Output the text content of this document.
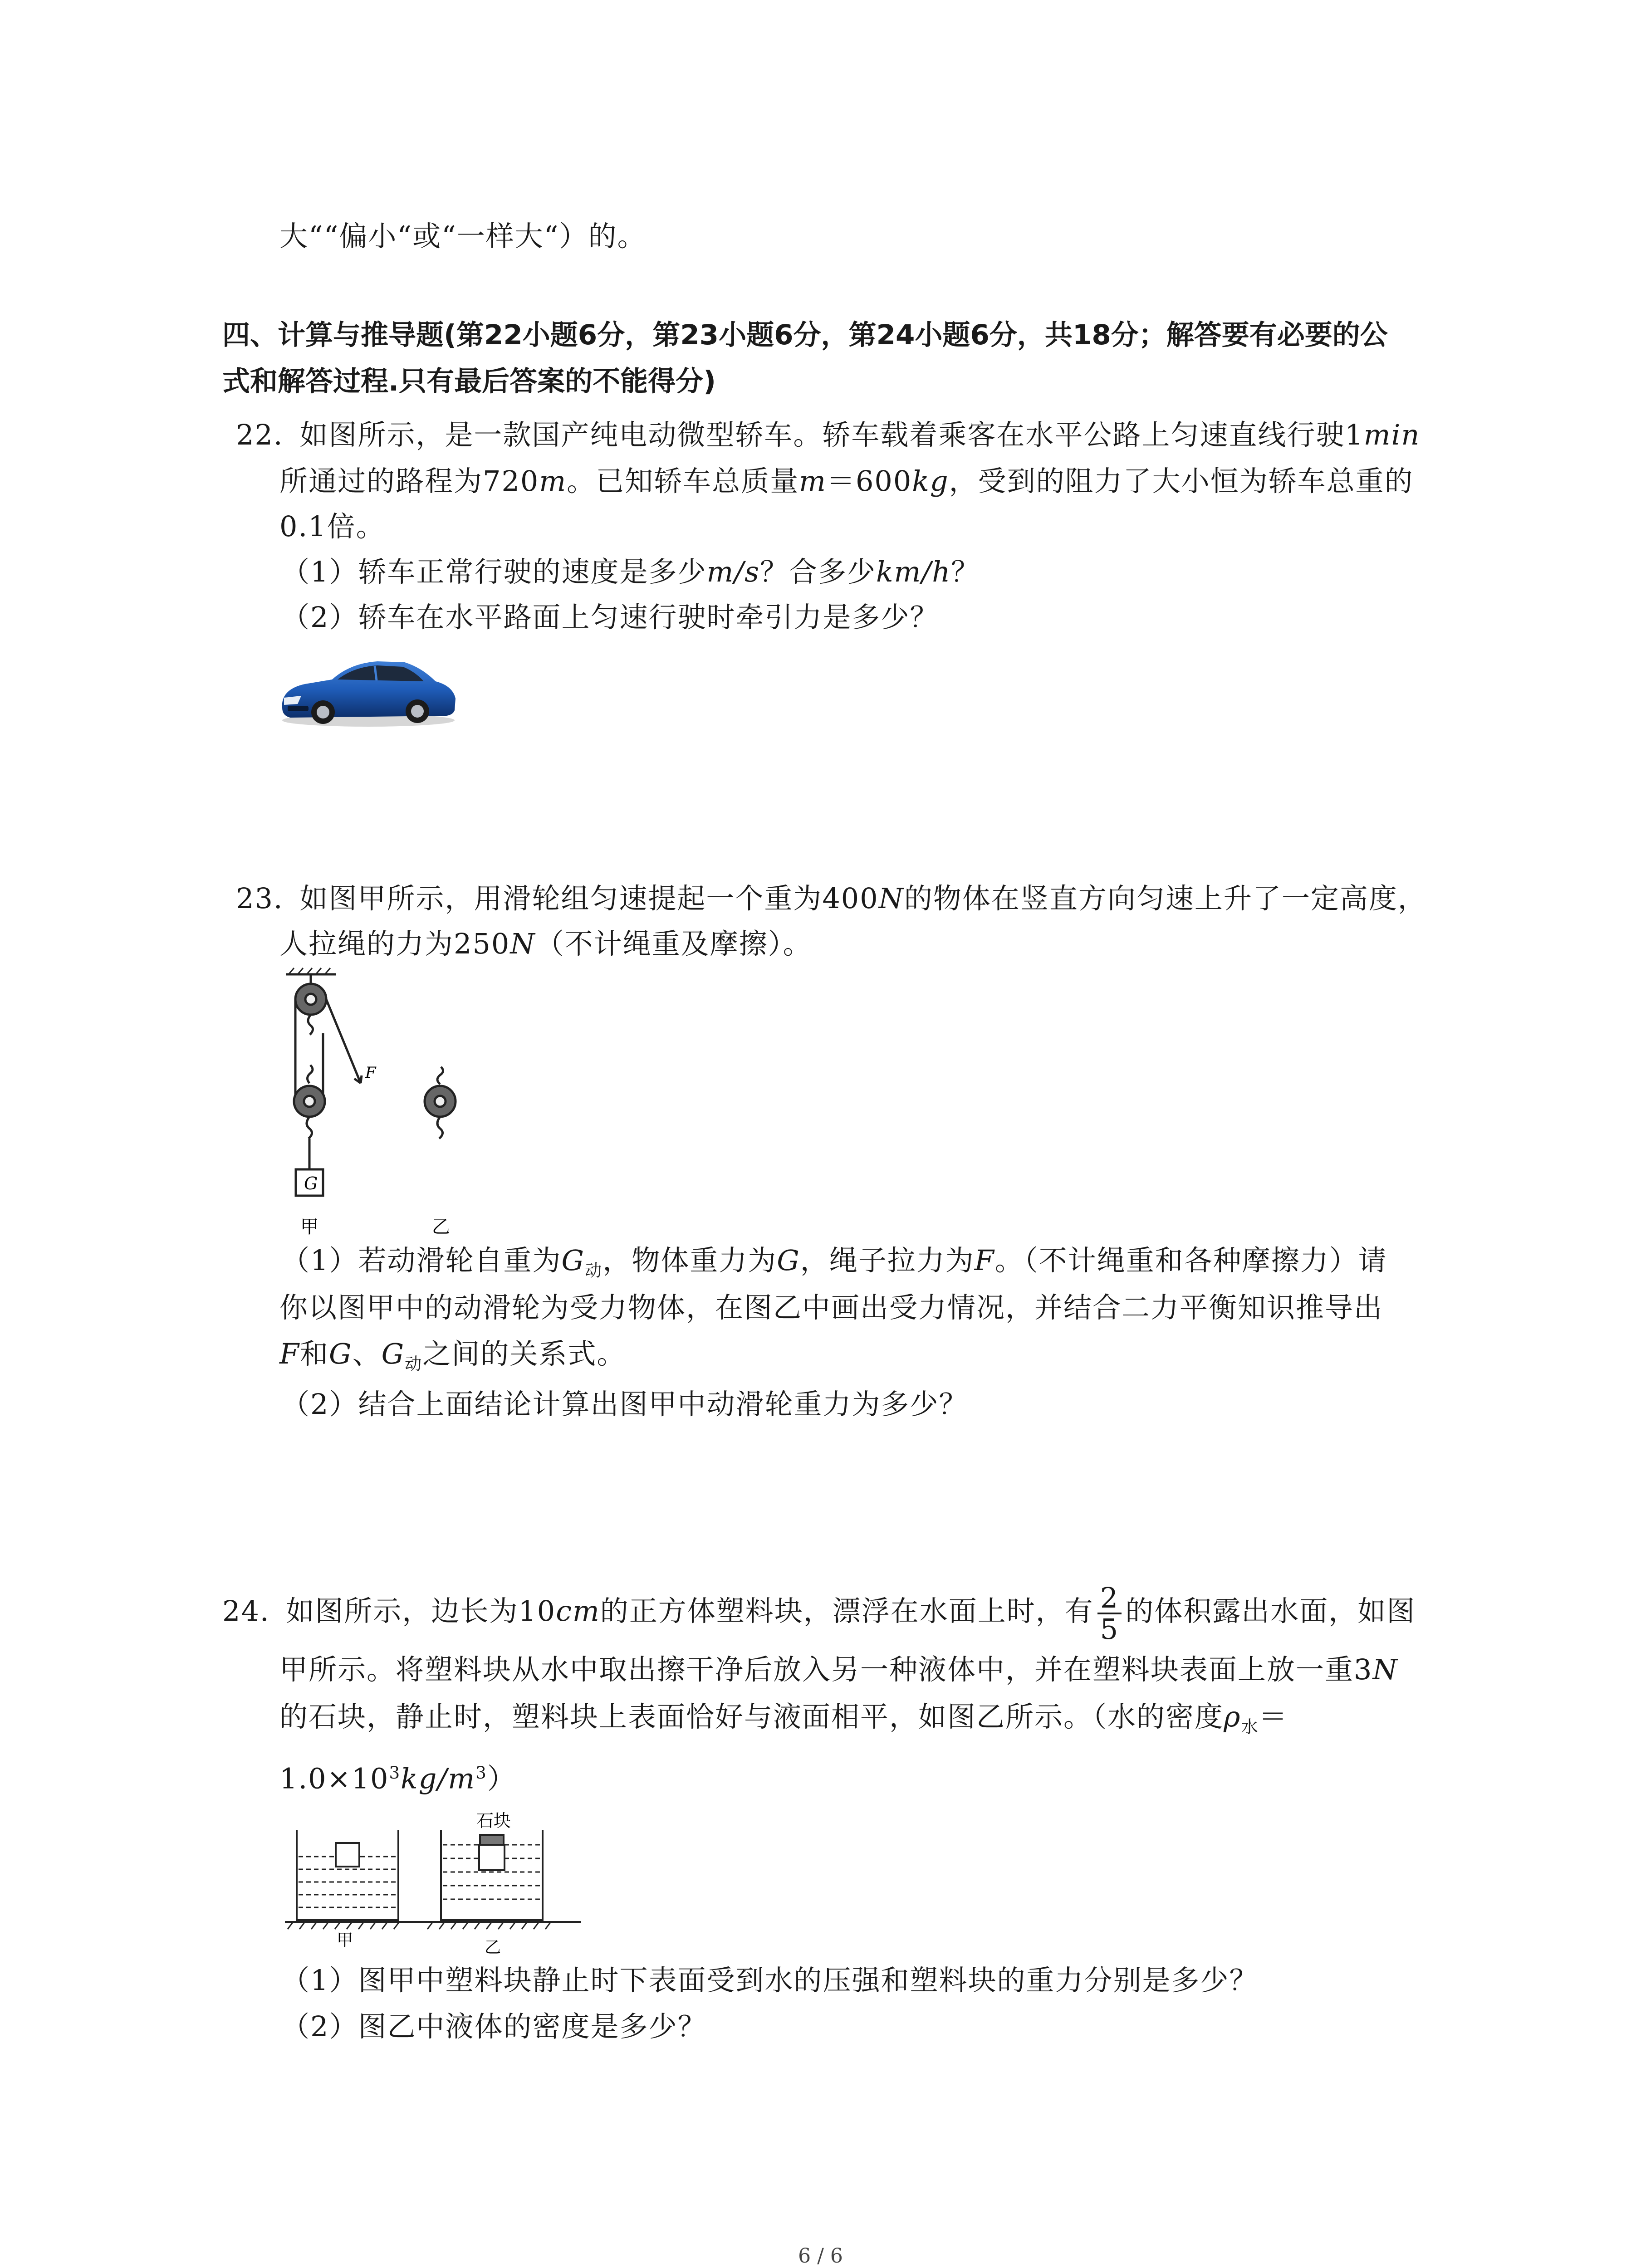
大““偏小“或“一样大“）的。
四、计算与推导题(第22小题6分，第23小题6分，第24小题6分，共18分；解答要有必要的公
式和解答过程.只有最后答案的不能得分)
22. 如图所示，是一款国产纯电动微型轿车。轿车载着乘客在水平公路上匀速直线行驶1min
所通过的路程为720m。已知轿车总质量m＝600kg，受到的阻力了大小恒为轿车总重的
0.1倍。
（1）轿车正常行驶的速度是多少m/s？合多少km/h？
（2）轿车在水平路面上匀速行驶时牵引力是多少？
23. 如图甲所示，用滑轮组匀速提起一个重为400N的物体在竖直方向匀速上升了一定高度，
人拉绳的力为250N（不计绳重及摩擦）。
F
G
甲	乙
（1）若动滑轮自重为$G_动$，物体重力为G，绳子拉力为F。（不计绳重和各种摩擦力）请
你以图甲中的动滑轮为受力物体，在图乙中画出受力情况，并结合二力平衡知识推导出
F和G、$G_动$之间的关系式。
（2）结合上面结论计算出图甲中动滑轮重力为多少？
24. 如图所示，边长为10cm的正方体塑料块，漂浮在水面上时，有 $\frac{2}{5}$ 的体积露出水面，如图
甲所示。将塑料块从水中取出擦干净后放入另一种液体中，并在塑料块表面上放一重3N
的石块，静止时，塑料块上表面恰好与液面相平，如图乙所示。（水的密度$\rho_水=$
$1.0\times 10^3kg/m^3$）
石块
甲	乙
（1）图甲中塑料块静止时下表面受到水的压强和塑料块的重力分别是多少？
（2）图乙中液体的密度是多少？
6 / 6
